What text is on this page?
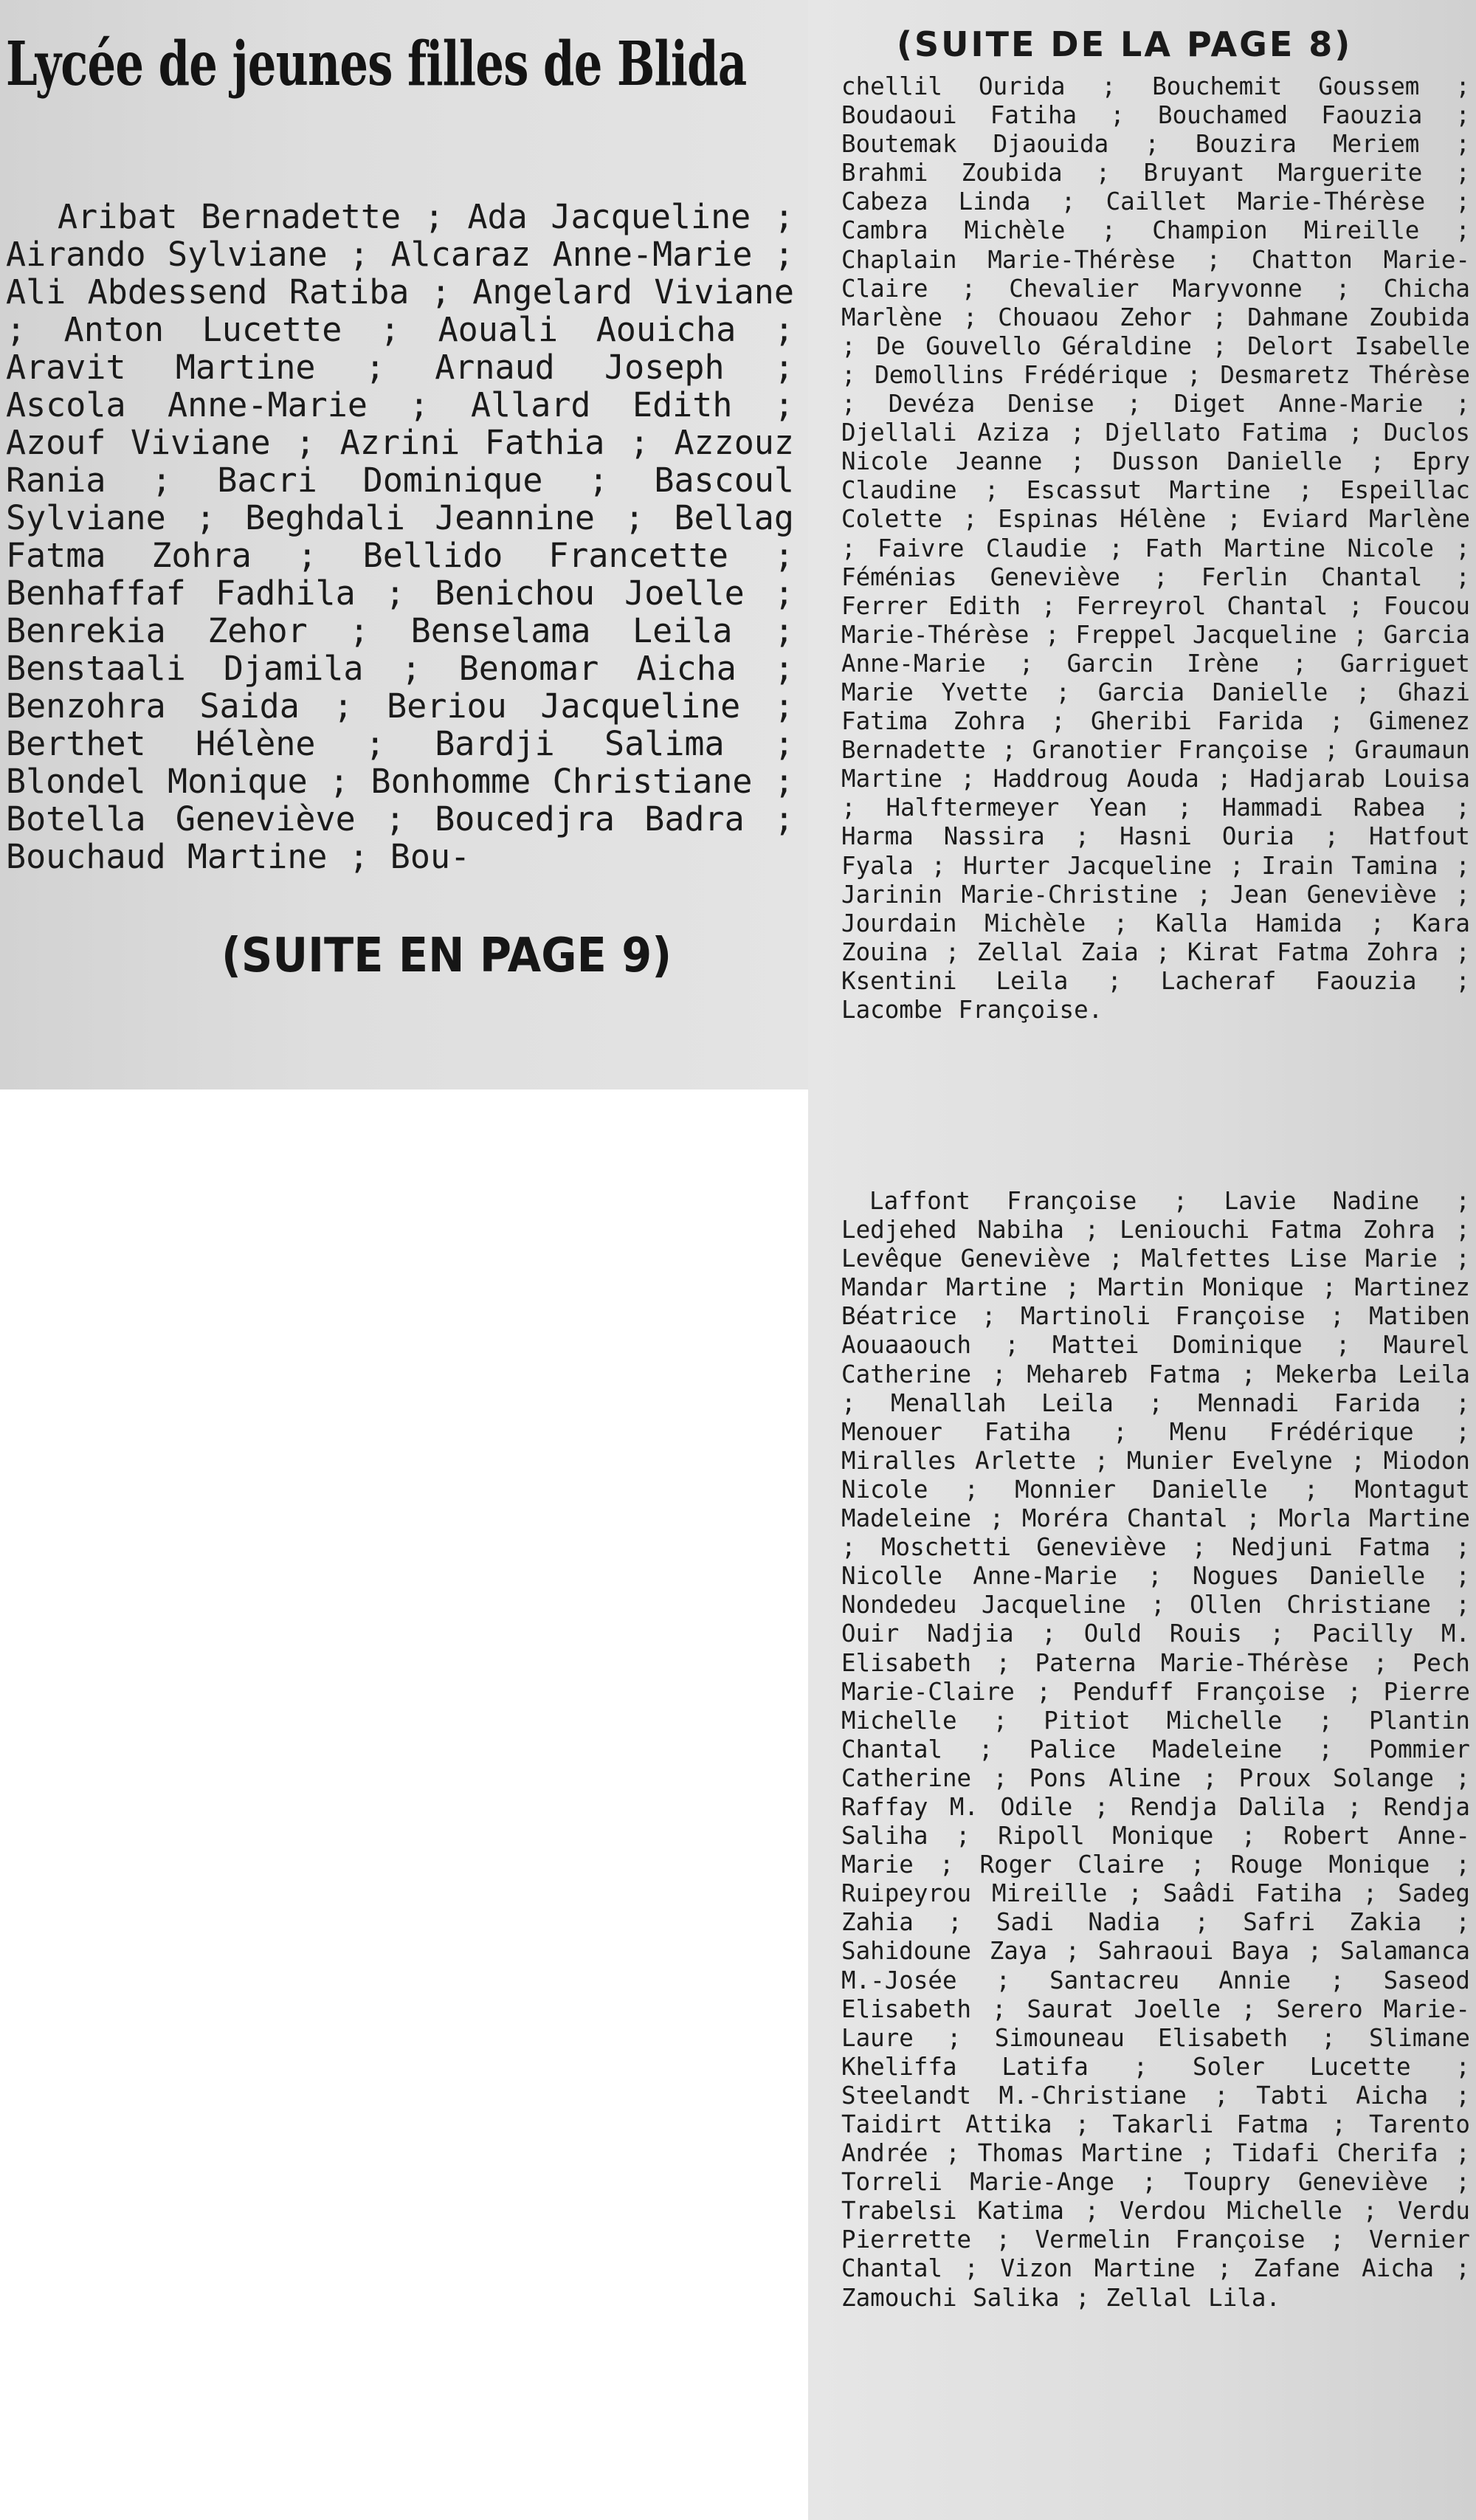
Lycée de jeunes filles de Blida

Aribat Bernadette ; Ada Jacqueline ; Airando Sylviane ; Alcaraz Anne-Marie ; Ali Abdessend Ratiba ; Angelard Viviane ; Anton Lucette ; Aouali Aouicha ; Aravit Martine ; Arnaud Joseph ; Ascola Anne-Marie ; Allard Edith ; Azouf Viviane ; Azrini Fathia ; Azzouz Rania ; Bacri Dominique ; Bascoul Sylviane ; Beghdali Jeannine ; Bellag Fatma Zohra ; Bellido Francette ; Benhaffaf Fadhila ; Benichou Joelle ; Benrekia Zehor ; Benselama Leila ; Benstaali Djamila ; Benomar Aicha ; Benzohra Saida ; Beriou Jacqueline ; Berthet Hélène ; Bardji Salima ; Blondel Monique ; Bonhomme Christiane ; Botella Geneviève ; Boucedjra Badra ; Bouchaud Martine ; Bou-

(SUITE EN PAGE 9)

(SUITE DE LA PAGE 8)

chellil Ourida ; Bouchemit Goussem ; Boudaoui Fatiha ; Bouchamed Faouzia ; Boutemak Djaouida ; Bouzira Meriem ; Brahmi Zoubida ; Bruyant Marguerite ; Cabeza Linda ; Caillet Marie-Thérèse ; Cambra Michèle ; Champion Mireille ; Chaplain Marie-Thérèse ; Chatton Marie-Claire ; Chevalier Maryvonne ; Chicha Marlène ; Chouaou Zehor ; Dahmane Zoubida ; De Gouvello Géraldine ; Delort Isabelle ; Demollins Frédérique ; Desmaretz Thérèse ; Devéza Denise ; Diget Anne-Marie ; Djellali Aziza ; Djellato Fatima ; Duclos Nicole Jeanne ; Dusson Danielle ; Epry Claudine ; Escassut Martine ; Espeillac Colette ; Espinas Hélène ; Eviard Marlène ; Faivre Claudie ; Fath Martine Nicole ; Féménias Geneviève ; Ferlin Chantal ; Ferrer Edith ; Ferreyrol Chantal ; Foucou Marie-Thérèse ; Freppel Jacqueline ; Garcia Anne-Marie ; Garcin Irène ; Garriguet Marie Yvette ; Garcia Danielle ; Ghazi Fatima Zohra ; Gheribi Farida ; Gimenez Bernadette ; Granotier Françoise ; Graumaun Martine ; Haddroug Aouda ; Hadjarab Louisa ; Halftermeyer Yean ; Hammadi Rabea ; Harma Nassira ; Hasni Ouria ; Hatfout Fyala ; Hurter Jacqueline ; Irain Tamina ; Jarinin Marie-Christine ; Jean Geneviève ; Jourdain Michèle ; Kalla Hamida ; Kara Zouina ; Zellal Zaia ; Kirat Fatma Zohra ; Ksentini Leila ; Lacheraf Faouzia ; Lacombe Françoise.

Laffont Françoise ; Lavie Nadine ; Ledjehed Nabiha ; Leniouchi Fatma Zohra ; Levêque Geneviève ; Malfettes Lise Marie ; Mandar Martine ; Martin Monique ; Martinez Béatrice ; Martinoli Françoise ; Matiben Aouaaouch ; Mattei Dominique ; Maurel Catherine ; Mehareb Fatma ; Mekerba Leila ; Menallah Leila ; Mennadi Farida ; Menouer Fatiha ; Menu Frédérique ; Miralles Arlette ; Munier Evelyne ; Miodon Nicole ; Monnier Danielle ; Montagut Madeleine ; Moréra Chantal ; Morla Martine ; Moschetti Geneviève ; Nedjuni Fatma ; Nicolle Anne-Marie ; Nogues Danielle ; Nondedeu Jacqueline ; Ollen Christiane ; Ouir Nadjia ; Ould Rouis ; Pacilly M. Elisabeth ; Paterna Marie-Thérèse ; Pech Marie-Claire ; Penduff Françoise ; Pierre Michelle ; Pitiot Michelle ; Plantin Chantal ; Palice Madeleine ; Pommier Catherine ; Pons Aline ; Proux Solange ; Raffay M. Odile ; Rendja Dalila ; Rendja Saliha ; Ripoll Monique ; Robert Anne-Marie ; Roger Claire ; Rouge Monique ; Ruipeyrou Mireille ; Saâdi Fatiha ; Sadeg Zahia ; Sadi Nadia ; Safri Zakia ; Sahidoune Zaya ; Sahraoui Baya ; Salamanca M.-Josée ; Santacreu Annie ; Saseod Elisabeth ; Saurat Joelle ; Serero Marie-Laure ; Simouneau Elisabeth ; Slimane Kheliffa Latifa ; Soler Lucette ; Steelandt M.-Christiane ; Tabti Aicha ; Taidirt Attika ; Takarli Fatma ; Tarento Andrée ; Thomas Martine ; Tidafi Cherifa ; Torreli Marie-Ange ; Toupry Geneviève ; Trabelsi Katima ; Verdou Michelle ; Verdu Pierrette ; Vermelin Françoise ; Vernier Chantal ; Vizon Martine ; Zafane Aicha ; Zamouchi Salika ; Zellal Lila.
